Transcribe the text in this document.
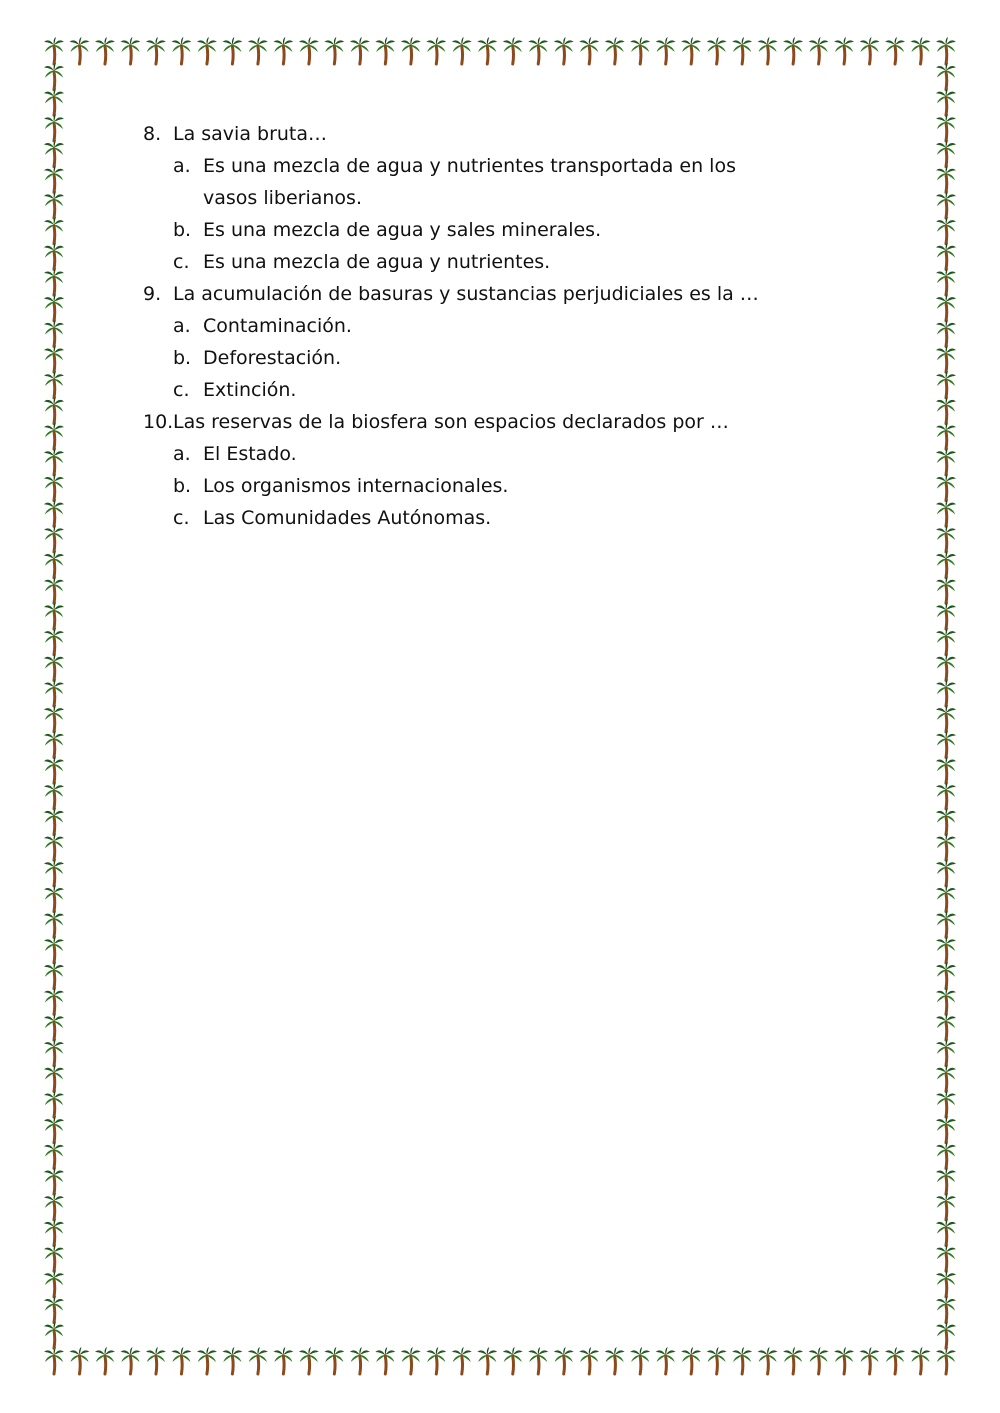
8. La savia bruta…
a. Es una mezcla de agua y nutrientes transportada en los vasos liberianos.
b. Es una mezcla de agua y sales minerales.
c. Es una mezcla de agua y nutrientes.
9. La acumulación de basuras y sustancias perjudiciales es la …
a. Contaminación.
b. Deforestación.
c. Extinción.
10. Las reservas de la biosfera son espacios declarados por …
a. El Estado.
b. Los organismos internacionales.
c. Las Comunidades Autónomas.
